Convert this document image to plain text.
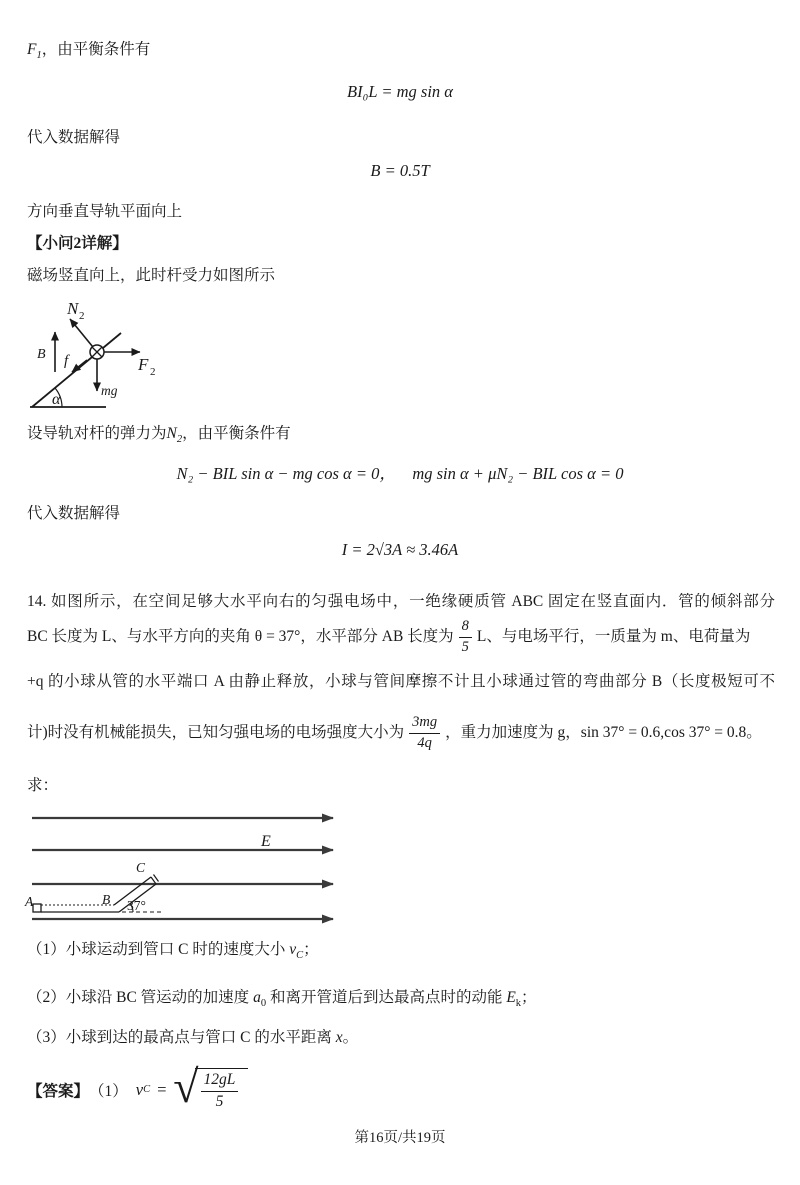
$F_1$，由平衡条件有
BI₀L = mg sin α
代入数据解得
B = 0.5T
方向垂直导轨平面向上
【小问2详解】
磁场竖直向上，此时杆受力如图所示
α
N 2
B f	F 2
mg
设导轨对杆的弹力为$N_2$，由平衡条件有
N₂ − BIL sin α − mg cos α = 0， mg sin α + μN₂ − BIL cos α = 0
代入数据解得
I = 2√3A ≈ 3.46A
14. 如图所示，在空间足够大水平向右的匀强电场中，一绝缘硬质管 ABC 固定在竖直面内．管的倾斜部分
BC 长度为 L、与水平方向的夹角 θ = 37°，水平部分 AB 长度为 $\frac{8}{5}$ L、与电场平行，一质量为 m、电荷量为
+q 的小球从管的水平端口 A 由静止释放，小球与管间摩擦不计且小球通过管的弯曲部分 B（长度极短可不
计)时没有机械能损失，已知匀强电场的电场强度大小为 $\frac{3mg}{4q}$ ，重力加速度为 g，sin 37° = 0.6,cos 37° = 0.8。
求：
E
37°
A	B
C
（1）小球运动到管口 C 时的速度大小 $v_C$；
（2）小球沿 BC 管运动的加速度 $a_0$ 和离开管道后到达最高点时的动能 $E_k$；
（3）小球到达的最高点与管口 C 的水平距离 x。
【答案】 （1） v C = √ $\frac{12gL}{5}$
第16页/共19页
